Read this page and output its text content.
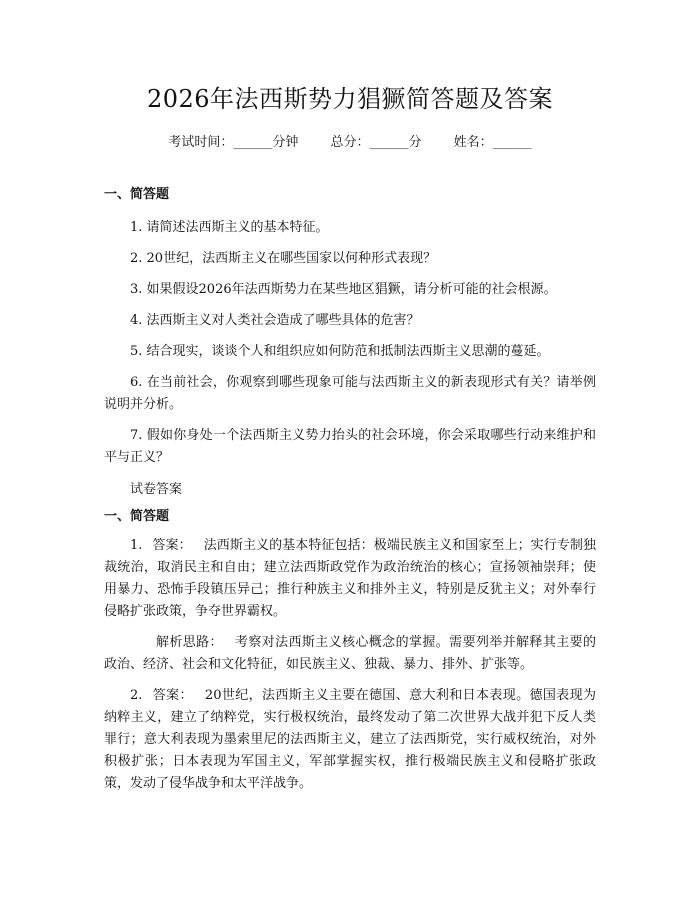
2026年法西斯势力猖獗简答题及答案
考试时间：______分钟 总分：______分 姓名：______
一、简答题

1. 请简述法西斯主义的基本特征。

2. 20世纪，法西斯主义在哪些国家以何种形式表现？

3. 如果假设2026年法西斯势力在某些地区猖獗，请分析可能的社会根源。

4. 法西斯主义对人类社会造成了哪些具体的危害？

5. 结合现实，谈谈个人和组织应如何防范和抵制法西斯主义思潮的蔓延。

6. 在当前社会，你观察到哪些现象可能与法西斯主义的新表现形式有关？请举例说明并分析。

7. 假如你身处一个法西斯主义势力抬头的社会环境，你会采取哪些行动来维护和平与正义？

试卷答案

一、简答题

1. 答案： 法西斯主义的基本特征包括：极端民族主义和国家至上；实行专制独裁统治，取消民主和自由；建立法西斯政党作为政治统治的核心；宣扬领袖崇拜；使用暴力、恐怖手段镇压异己；推行种族主义和排外主义，特别是反犹主义；对外奉行侵略扩张政策，争夺世界霸权。

解析思路： 考察对法西斯主义核心概念的掌握。需要列举并解释其主要的政治、经济、社会和文化特征，如民族主义、独裁、暴力、排外、扩张等。

2. 答案： 20世纪，法西斯主义主要在德国、意大利和日本表现。德国表现为纳粹主义，建立了纳粹党，实行极权统治，最终发动了第二次世界大战并犯下反人类罪行；意大利表现为墨索里尼的法西斯主义，建立了法西斯党，实行威权统治，对外积极扩张；日本表现为军国主义，军部掌握实权，推行极端民族主义和侵略扩张政策，发动了侵华战争和太平洋战争。
